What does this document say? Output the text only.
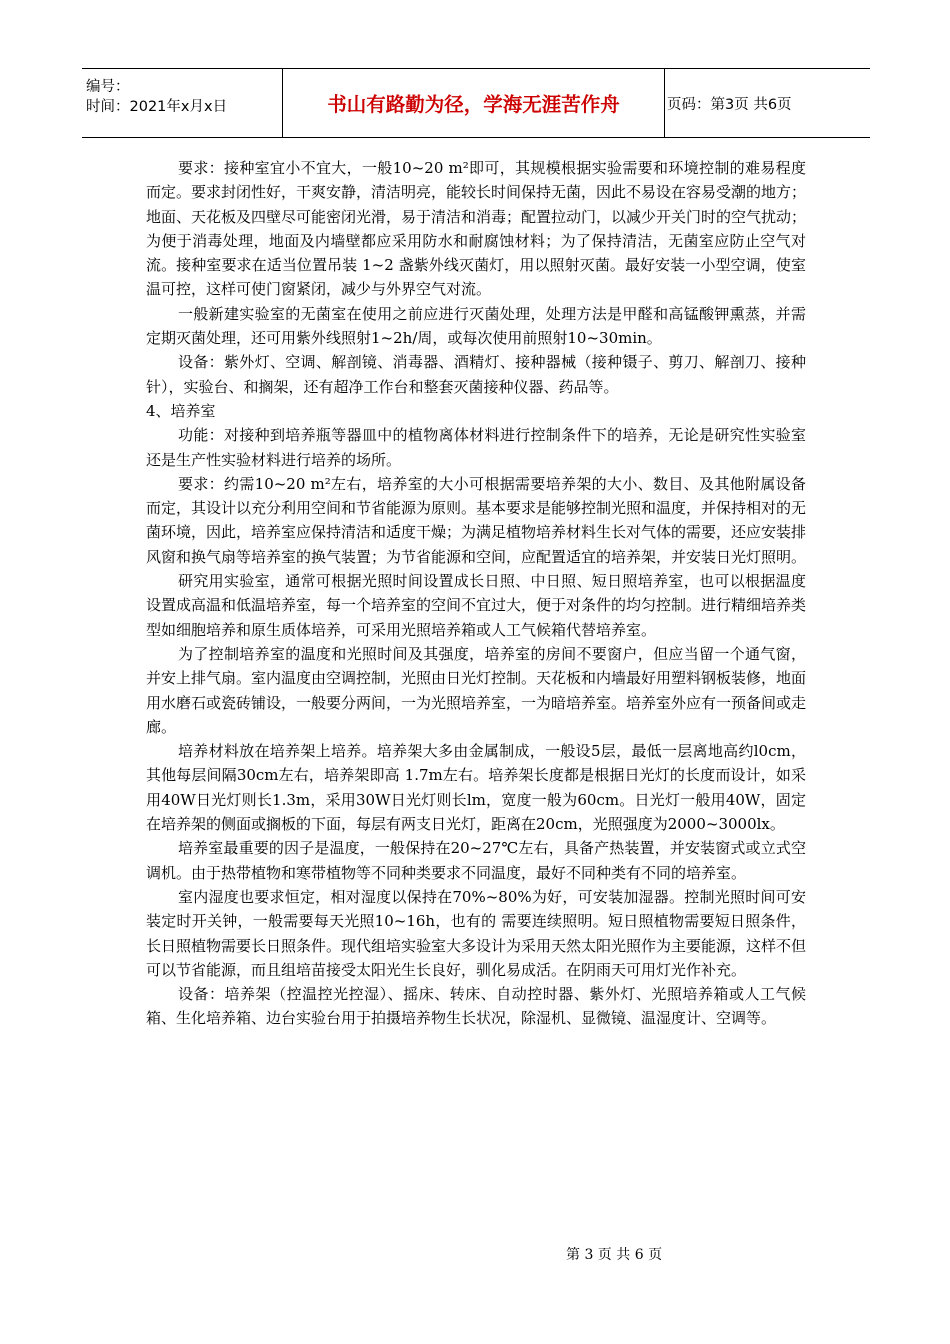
编号：
时间：2021年x月x日	书山有路勤为径，学海无涯苦作舟	页码：第3页 共6页

要求：接种室宜小不宜大，一般10~20 m²即可，其规模根据实验需要和环境控制的难易程度而定。要求封闭性好，干爽安静，清洁明亮，能较长时间保持无菌，因此不易设在容易受潮的地方；地面、天花板及四壁尽可能密闭光滑，易于清洁和消毒；配置拉动门，以减少开关门时的空气扰动；为便于消毒处理，地面及内墙壁都应采用防水和耐腐蚀材料；为了保持清洁，无菌室应防止空气对流。接种室要求在适当位置吊装 1~2 盏紫外线灭菌灯，用以照射灭菌。最好安装一小型空调，使室温可控，这样可使门窗紧闭，减少与外界空气对流。

一般新建实验室的无菌室在使用之前应进行灭菌处理，处理方法是甲醛和高锰酸钾熏蒸，并需定期灭菌处理，还可用紫外线照射1~2h/周，或每次使用前照射10~30min。

设备：紫外灯、空调、解剖镜、消毒器、酒精灯、接种器械（接种镊子、剪刀、解剖刀、接种针），实验台、和搁架，还有超净工作台和整套灭菌接种仪器、药品等。

4、培养室

功能：对接种到培养瓶等器皿中的植物离体材料进行控制条件下的培养，无论是研究性实验室还是生产性实验材料进行培养的场所。

要求：约需10~20 m²左右，培养室的大小可根据需要培养架的大小、数目、及其他附属设备而定，其设计以充分利用空间和节省能源为原则。基本要求是能够控制光照和温度，并保持相对的无菌环境，因此，培养室应保持清洁和适度干燥；为满足植物培养材料生长对气体的需要，还应安装排风窗和换气扇等培养室的换气装置；为节省能源和空间，应配置适宜的培养架，并安装日光灯照明。

研究用实验室，通常可根据光照时间设置成长日照、中日照、短日照培养室，也可以根据温度设置成高温和低温培养室，每一个培养室的空间不宜过大，便于对条件的均匀控制。进行精细培养类型如细胞培养和原生质体培养，可采用光照培养箱或人工气候箱代替培养室。

为了控制培养室的温度和光照时间及其强度，培养室的房间不要窗户，但应当留一个通气窗，并安上排气扇。室内温度由空调控制，光照由日光灯控制。天花板和内墙最好用塑料钢板装修，地面用水磨石或瓷砖铺设，一般要分两间，一为光照培养室，一为暗培养室。培养室外应有一预备间或走廊。

培养材料放在培养架上培养。培养架大多由金属制成，一般设5层，最低一层离地高约l0cm，其他每层间隔30cm左右，培养架即高 1.7m左右。培养架长度都是根据日光灯的长度而设计，如采用40W日光灯则长1.3m，采用30W日光灯则长lm，宽度一般为60cm。日光灯一般用40W，固定在培养架的侧面或搁板的下面，每层有两支日光灯，距离在20cm，光照强度为2000~3000lx。

培养室最重要的因子是温度，一般保持在20~27℃左右，具备产热装置，并安装窗式或立式空调机。由于热带植物和寒带植物等不同种类要求不同温度，最好不同种类有不同的培养室。

室内湿度也要求恒定，相对湿度以保持在70%~80%为好，可安装加湿器。控制光照时间可安装定时开关钟，一般需要每天光照10~16h，也有的 需要连续照明。短日照植物需要短日照条件，长日照植物需要长日照条件。现代组培实验室大多设计为采用天然太阳光照作为主要能源，这样不但可以节省能源，而且组培苗接受太阳光生长良好，驯化易成活。在阴雨天可用灯光作补充。

设备：培养架（控温控光控湿）、摇床、转床、自动控时器、紫外灯、光照培养箱或人工气候箱、生化培养箱、边台实验台用于拍摄培养物生长状况，除湿机、显微镜、温湿度计、空调等。

第 3 页 共 6 页
